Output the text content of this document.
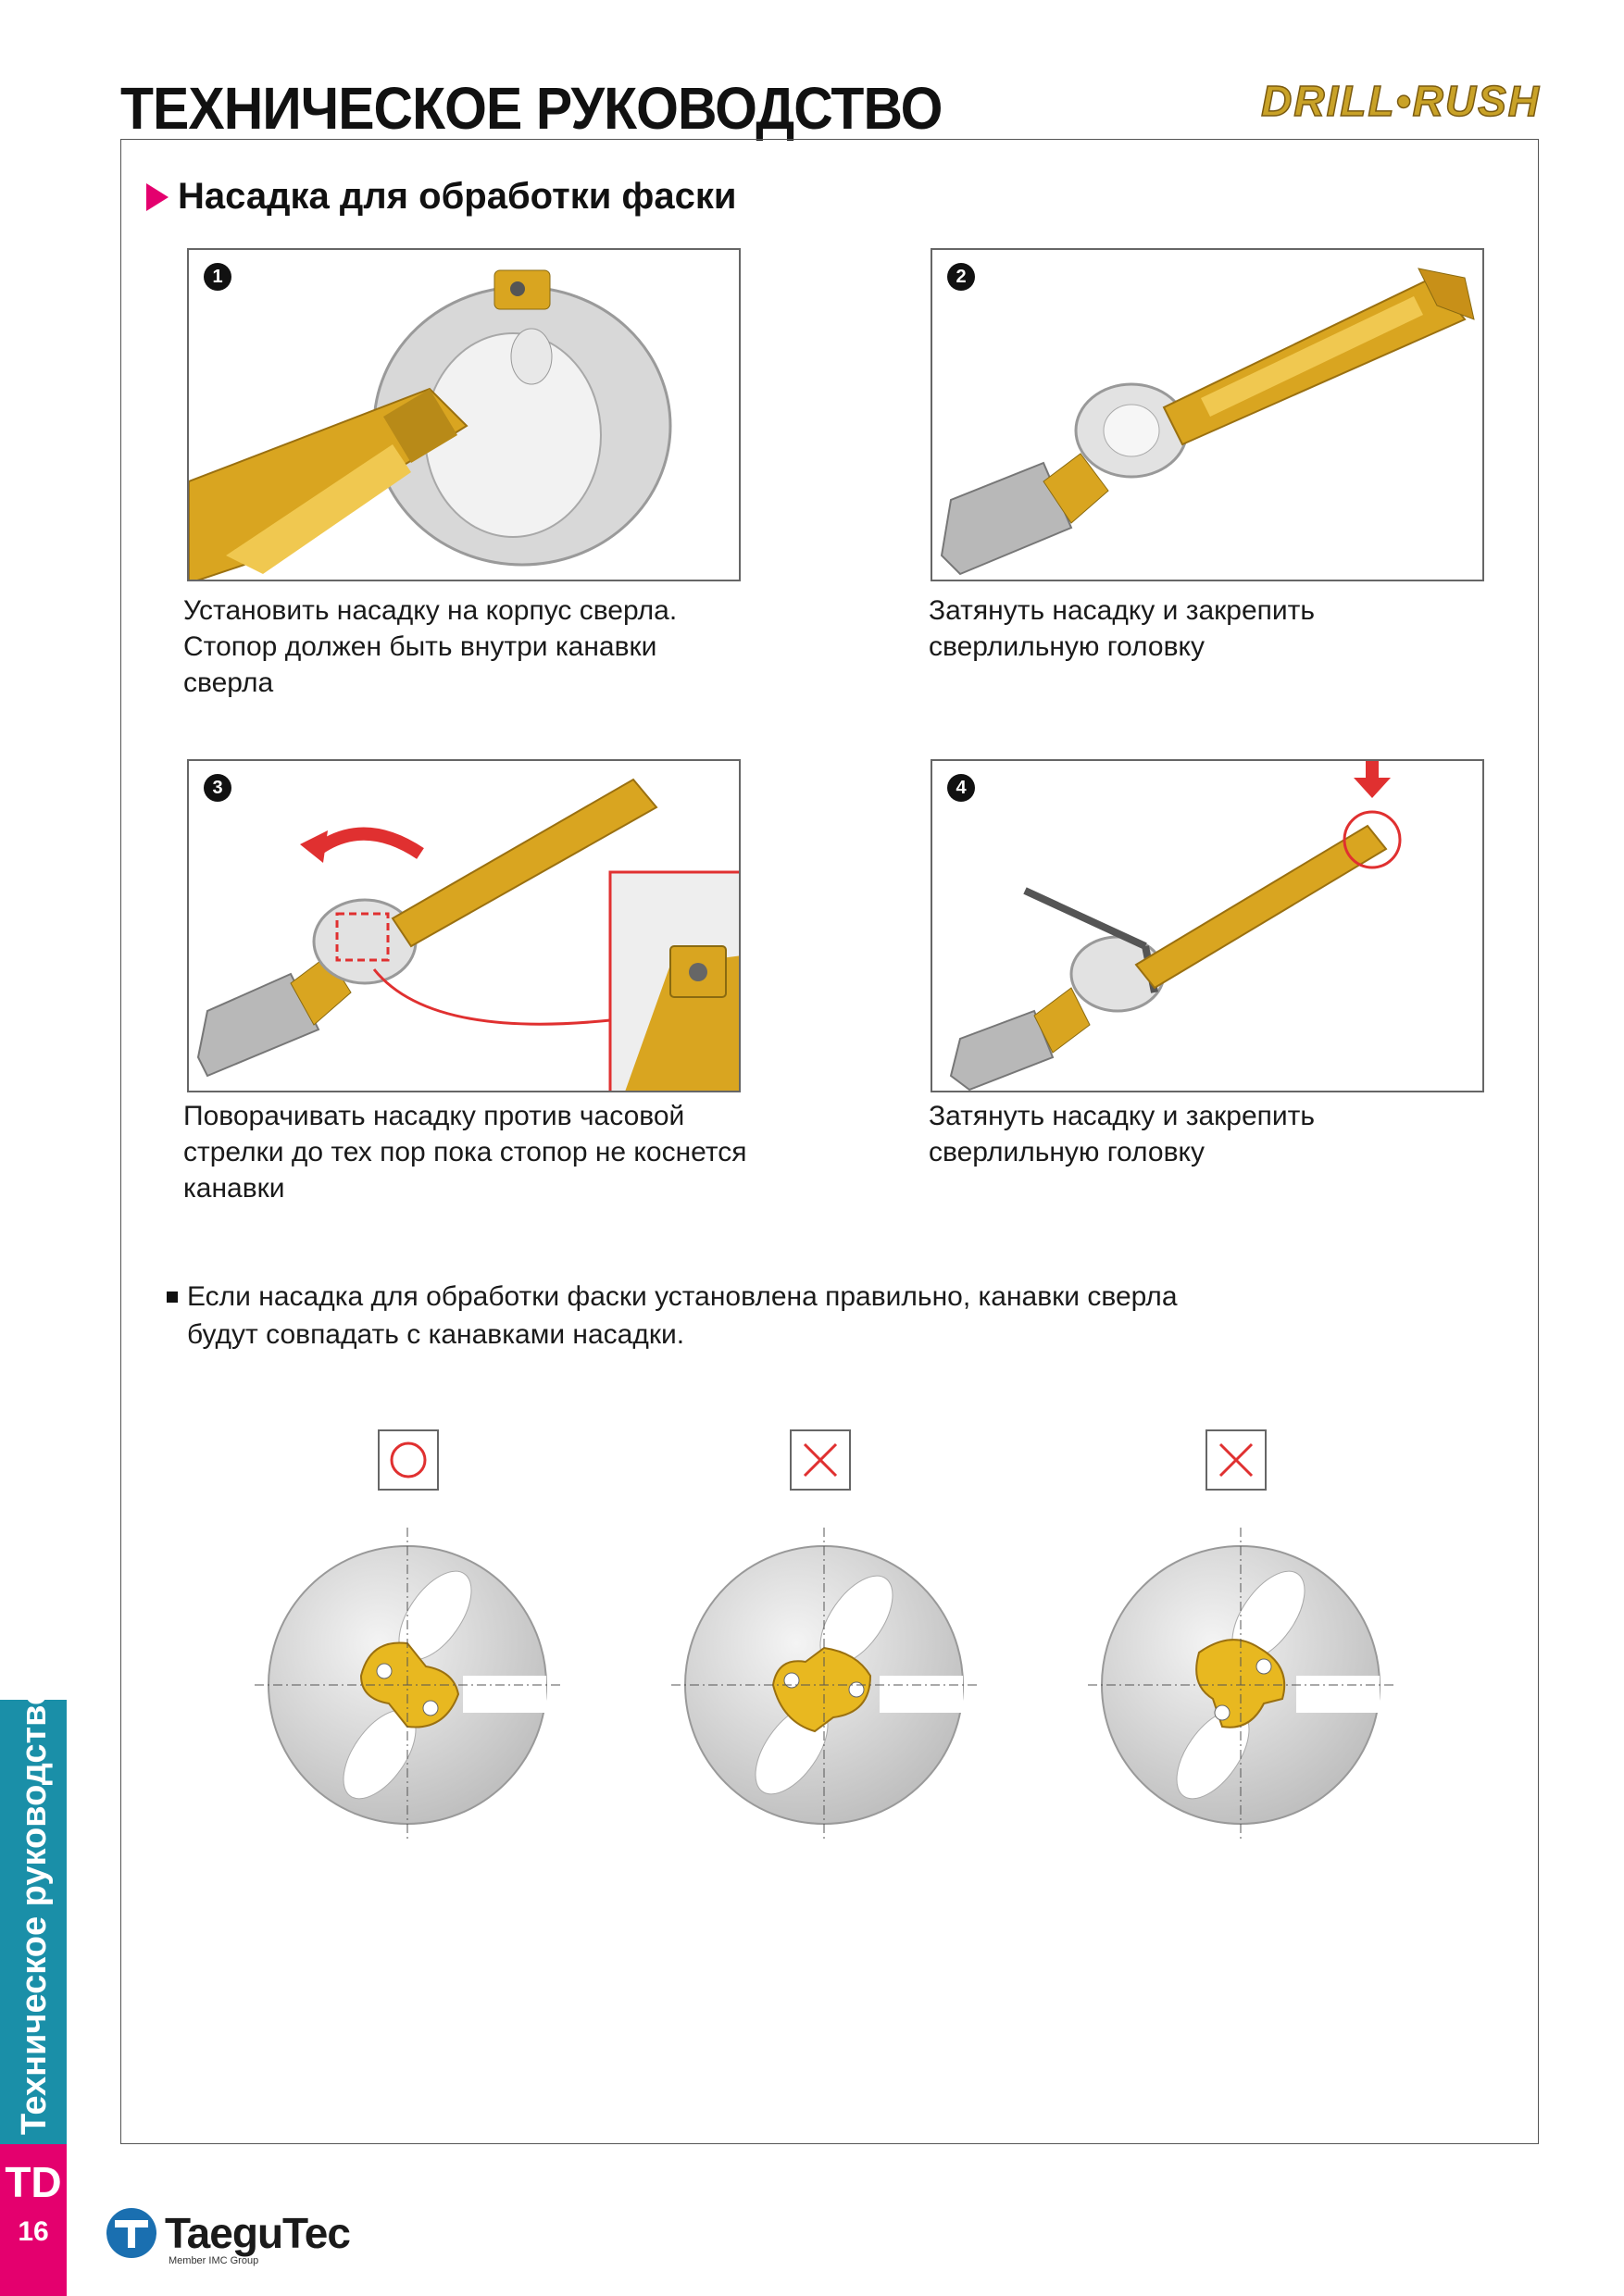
ТЕХНИЧЕСКОЕ РУКОВОДСТВО	DRILL•RUSH
Насадка для обработки фаски
1
Установить насадку на корпус сверла.
Стопор должен быть внутри канавки
сверла
2
Затянуть насадку и закрепить
сверлильную головку
3
Поворачивать насадку против часовой
стрелки до тех пор пока стопор не коснется
канавки
4
Затянуть насадку и закрепить
сверлильную головку
Если насадка для обработки фаски установлена правильно, канавки сверла
будут совпадать с канавками насадки.
Техническое руководство
TD
16	TaeguTec
Member IMC Group
